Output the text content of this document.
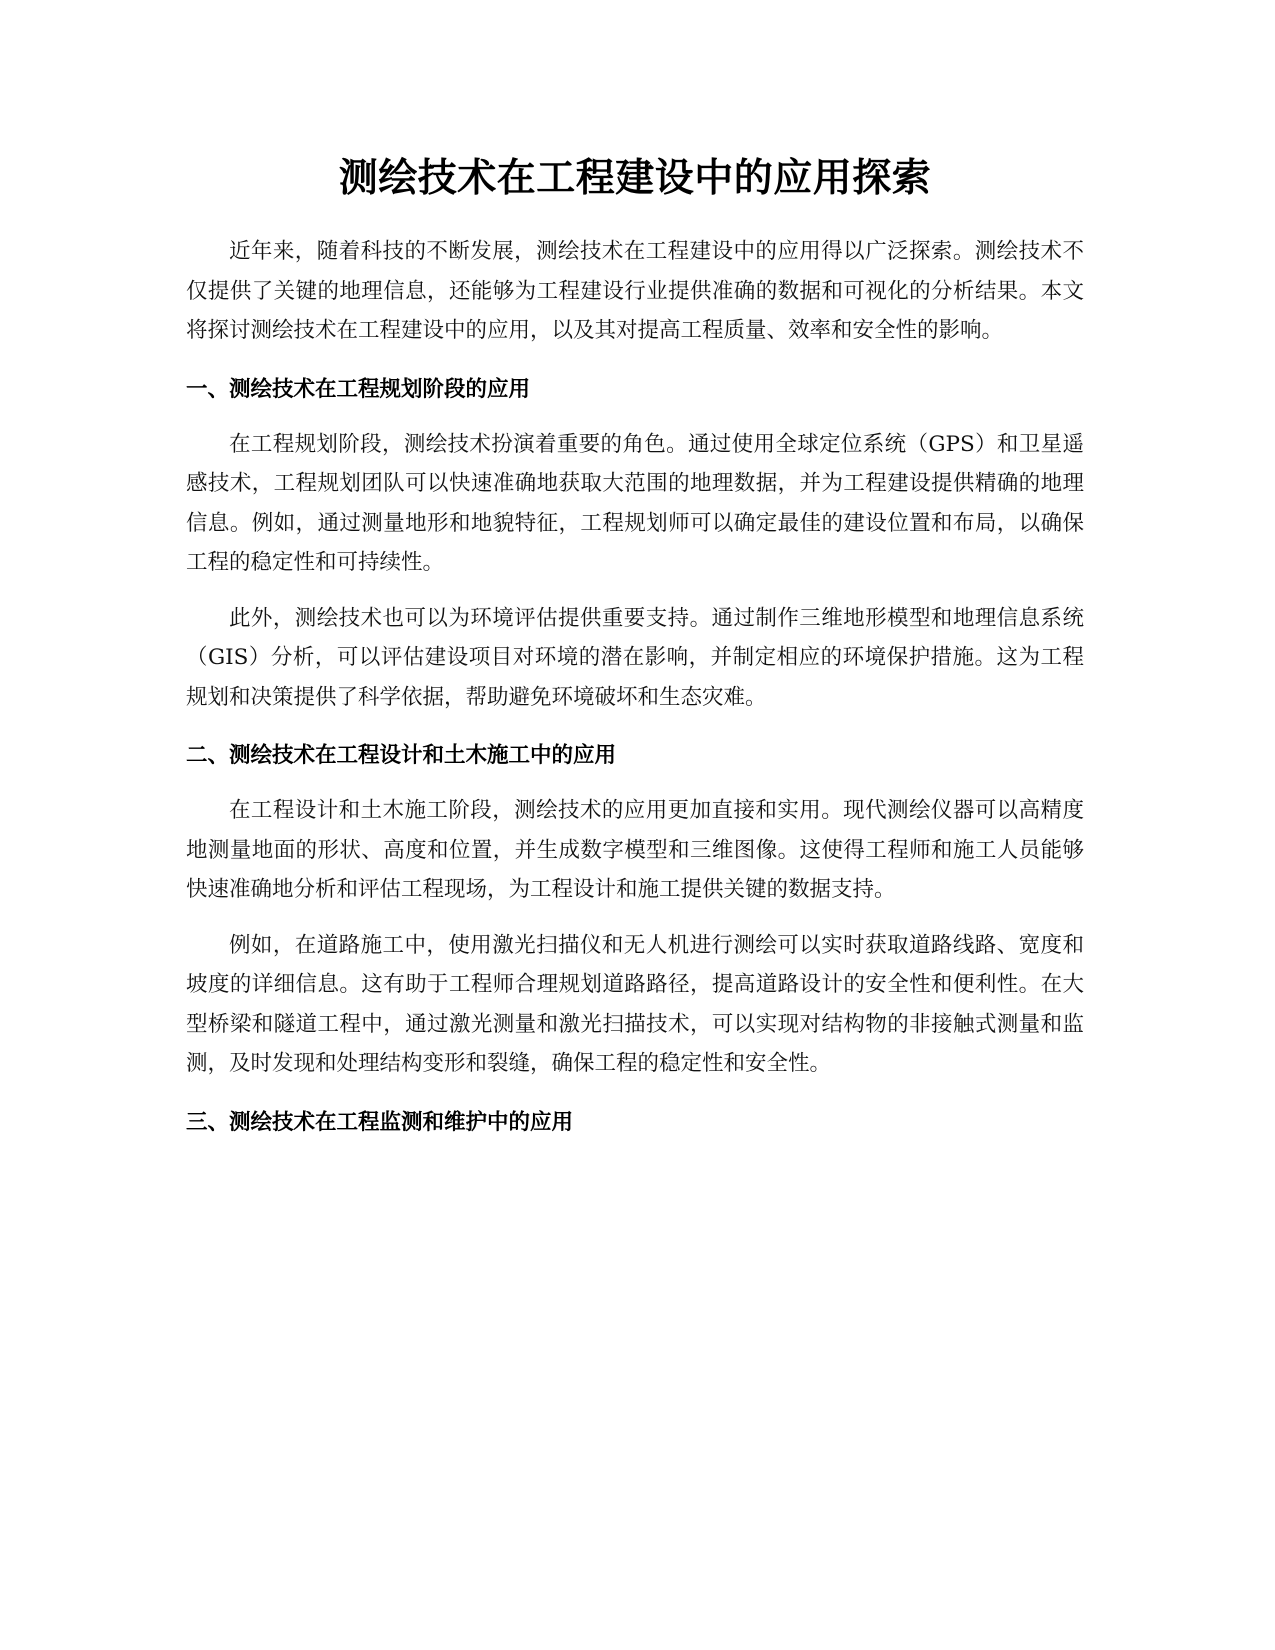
测绘技术在工程建设中的应用探索

近年来，随着科技的不断发展，测绘技术在工程建设中的应用得以广泛探索。测绘技术不仅提供了关键的地理信息，还能够为工程建设行业提供准确的数据和可视化的分析结果。本文将探讨测绘技术在工程建设中的应用，以及其对提高工程质量、效率和安全性的影响。

一、测绘技术在工程规划阶段的应用

在工程规划阶段，测绘技术扮演着重要的角色。通过使用全球定位系统（GPS）和卫星遥感技术，工程规划团队可以快速准确地获取大范围的地理数据，并为工程建设提供精确的地理信息。例如，通过测量地形和地貌特征，工程规划师可以确定最佳的建设位置和布局，以确保工程的稳定性和可持续性。

此外，测绘技术也可以为环境评估提供重要支持。通过制作三维地形模型和地理信息系统（GIS）分析，可以评估建设项目对环境的潜在影响，并制定相应的环境保护措施。这为工程规划和决策提供了科学依据，帮助避免环境破坏和生态灾难。

二、测绘技术在工程设计和土木施工中的应用

在工程设计和土木施工阶段，测绘技术的应用更加直接和实用。现代测绘仪器可以高精度地测量地面的形状、高度和位置，并生成数字模型和三维图像。这使得工程师和施工人员能够快速准确地分析和评估工程现场，为工程设计和施工提供关键的数据支持。

例如，在道路施工中，使用激光扫描仪和无人机进行测绘可以实时获取道路线路、宽度和坡度的详细信息。这有助于工程师合理规划道路路径，提高道路设计的安全性和便利性。在大型桥梁和隧道工程中，通过激光测量和激光扫描技术，可以实现对结构物的非接触式测量和监测，及时发现和处理结构变形和裂缝，确保工程的稳定性和安全性。

三、测绘技术在工程监测和维护中的应用
